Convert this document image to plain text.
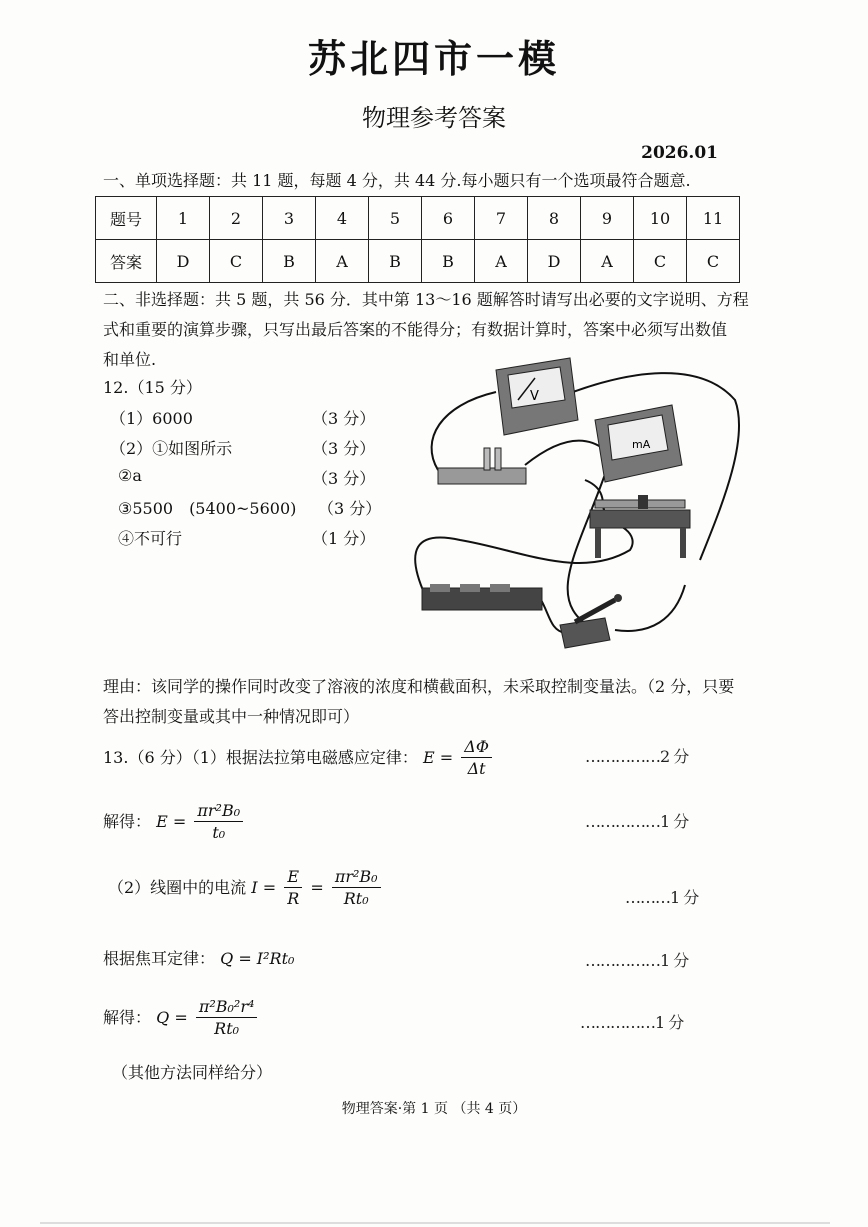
苏北四市一模
物理参考答案
2026.01
一、单项选择题：共 11 题，每题 4 分，共 44 分.每小题只有一个选项最符合题意.
题号	1	2	3	4	5	6	7	8	9	10	11
答案	D	C	B	A	B	B	A	D	A	C	C
二、非选择题：共 5 题，共 56 分．其中第 13～16 题解答时请写出必要的文字说明、方程
式和重要的演算步骤，只写出最后答案的不能得分；有数据计算时，答案中必须写出数值
和单位.
12.（15 分）
（1）6000	（3 分）
（2）①如图所示	（3 分）
②a	（3 分）
③5500　(5400~5600) （3 分）
④不可行	（1 分）
V
mA
理由：该同学的操作同时改变了溶液的浓度和横截面积，未采取控制变量法。（2 分，只要
答出控制变量或其中一种情况即可）
13.（6 分）（1）根据法拉第电磁感应定律： $E = \frac{\Delta\Phi}{\Delta t}$	……………2 分
解得： $E = \frac{\text{πr²B₀}}{\text{t₀}}$	……………1 分
（2）线圈中的电流 $I = \frac{E}{R} = \frac{\text{πr²B₀}}{\text{Rt₀}}$	………1 分
根据焦耳定律： Q = I²Rt₀	……………1 分
解得： $Q = \frac{\text{π²B₀²r⁴}}{\text{Rt₀}}$	……………1 分
（其他方法同样给分）
物理答案·第 1 页 （共 4 页）
